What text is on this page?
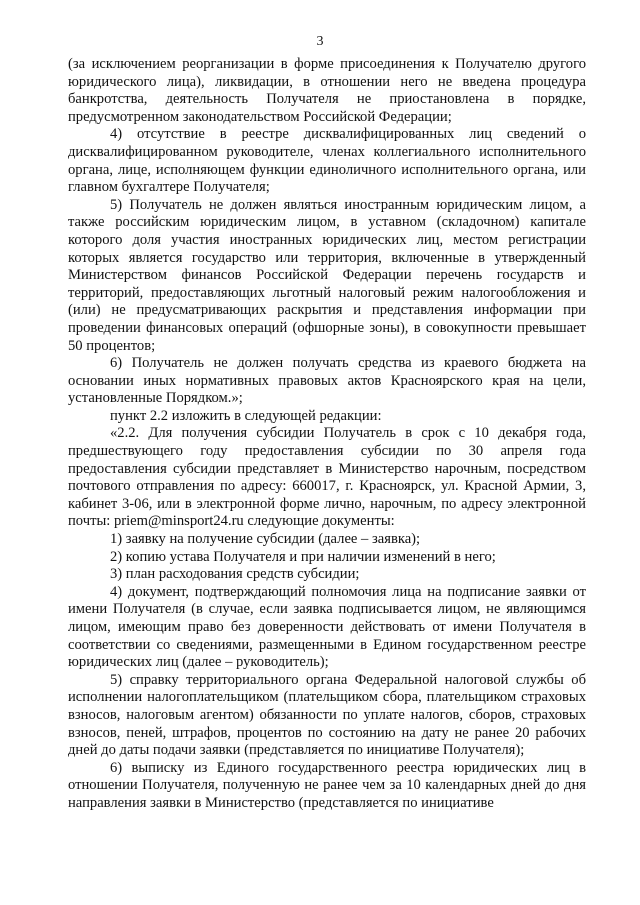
3

(за исключением реорганизации в форме присоединения к Получателю другого юридического лица), ликвидации, в отношении него не введена процедура банкротства, деятельность Получателя не приостановлена в порядке, предусмотренном законодательством Российской Федерации;

4) отсутствие в реестре дисквалифицированных лиц сведений о дисквалифицированном руководителе, членах коллегиального исполнительного органа, лице, исполняющем функции единоличного исполнительного органа, или главном бухгалтере Получателя;

5) Получатель не должен являться иностранным юридическим лицом, а также российским юридическим лицом, в уставном (складочном) капитале которого доля участия иностранных юридических лиц, местом регистрации которых является государство или территория, включенные в утвержденный Министерством финансов Российской Федерации перечень государств и территорий, предоставляющих льготный налоговый режим налогообложения и (или) не предусматривающих раскрытия и представления информации при проведении финансовых операций (офшорные зоны), в совокупности превышает 50 процентов;

6) Получатель не должен получать средства из краевого бюджета на основании иных нормативных правовых актов Красноярского края на цели, установленные Порядком.»;

пункт 2.2 изложить в следующей редакции:

«2.2. Для получения субсидии Получатель в срок с 10 декабря года, предшествующего году предоставления субсидии по 30 апреля года предоставления субсидии представляет в Министерство нарочным, посредством почтового отправления по адресу: 660017, г. Красноярск, ул. Красной Армии, 3, кабинет 3-06, или в электронной форме лично, нарочным, по адресу электронной почты: priem@minsport24.ru следующие документы:

1) заявку на получение субсидии (далее – заявка);

2) копию устава Получателя и при наличии изменений в него;

3) план расходования средств субсидии;

4) документ, подтверждающий полномочия лица на подписание заявки от имени Получателя (в случае, если заявка подписывается лицом, не являющимся лицом, имеющим право без доверенности действовать от имени Получателя в соответствии со сведениями, размещенными в Едином государственном реестре юридических лиц (далее – руководитель);

5) справку территориального органа Федеральной налоговой службы об исполнении налогоплательщиком (плательщиком сбора, плательщиком страховых взносов, налоговым агентом) обязанности по уплате налогов, сборов, страховых взносов, пеней, штрафов, процентов по состоянию на дату не ранее 20 рабочих дней до даты подачи заявки (представляется по инициативе Получателя);

6) выписку из Единого государственного реестра юридических лиц в отношении Получателя, полученную не ранее чем за 10 календарных дней до дня направления заявки в Министерство (представляется по инициативе
